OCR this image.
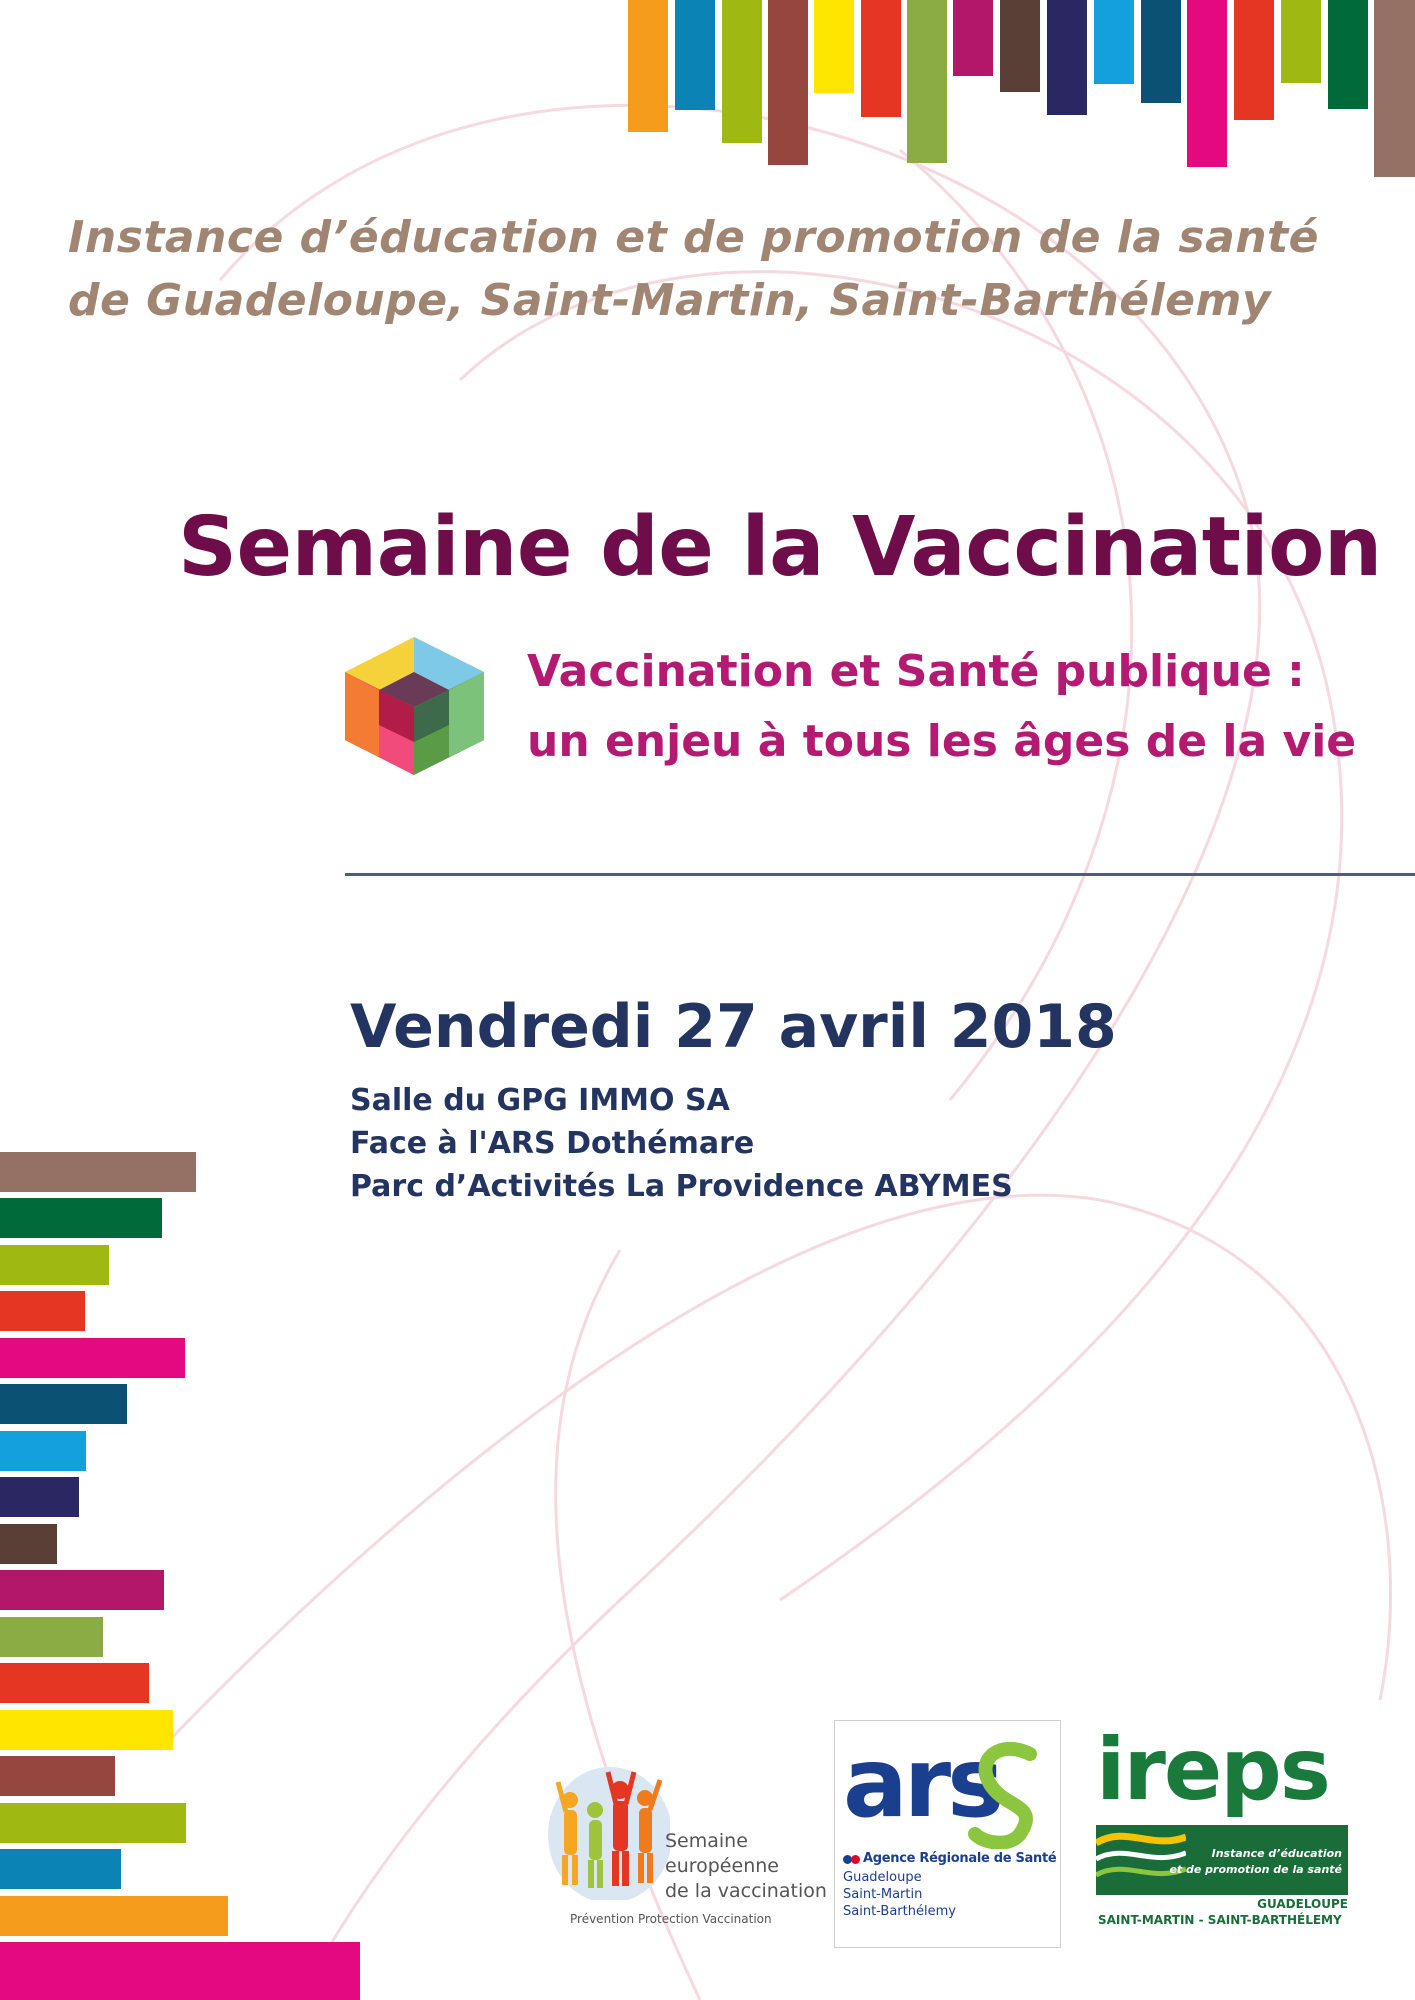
Instance d’éducation et de promotion de la santé
de Guadeloupe, Saint-Martin, Saint-Barthélemy
Semaine de la Vaccination
Vaccination et Santé publique :
un enjeu à tous les âges de la vie
Vendredi 27 avril 2018
Salle du GPG IMMO SA
Face à l'ARS Dothémare
Parc d’Activités La Providence ABYMES
Semaine
européenne
de la vaccination
Prévention Protection Vaccination
ars
Agence Régionale de Santé
Guadeloupe
Saint-Martin
Saint-Barthélemy
ireps
Instance d’éducation
et de promotion de la santé
GUADELOUPE
SAINT-MARTIN - SAINT-BARTHÉLEMY
